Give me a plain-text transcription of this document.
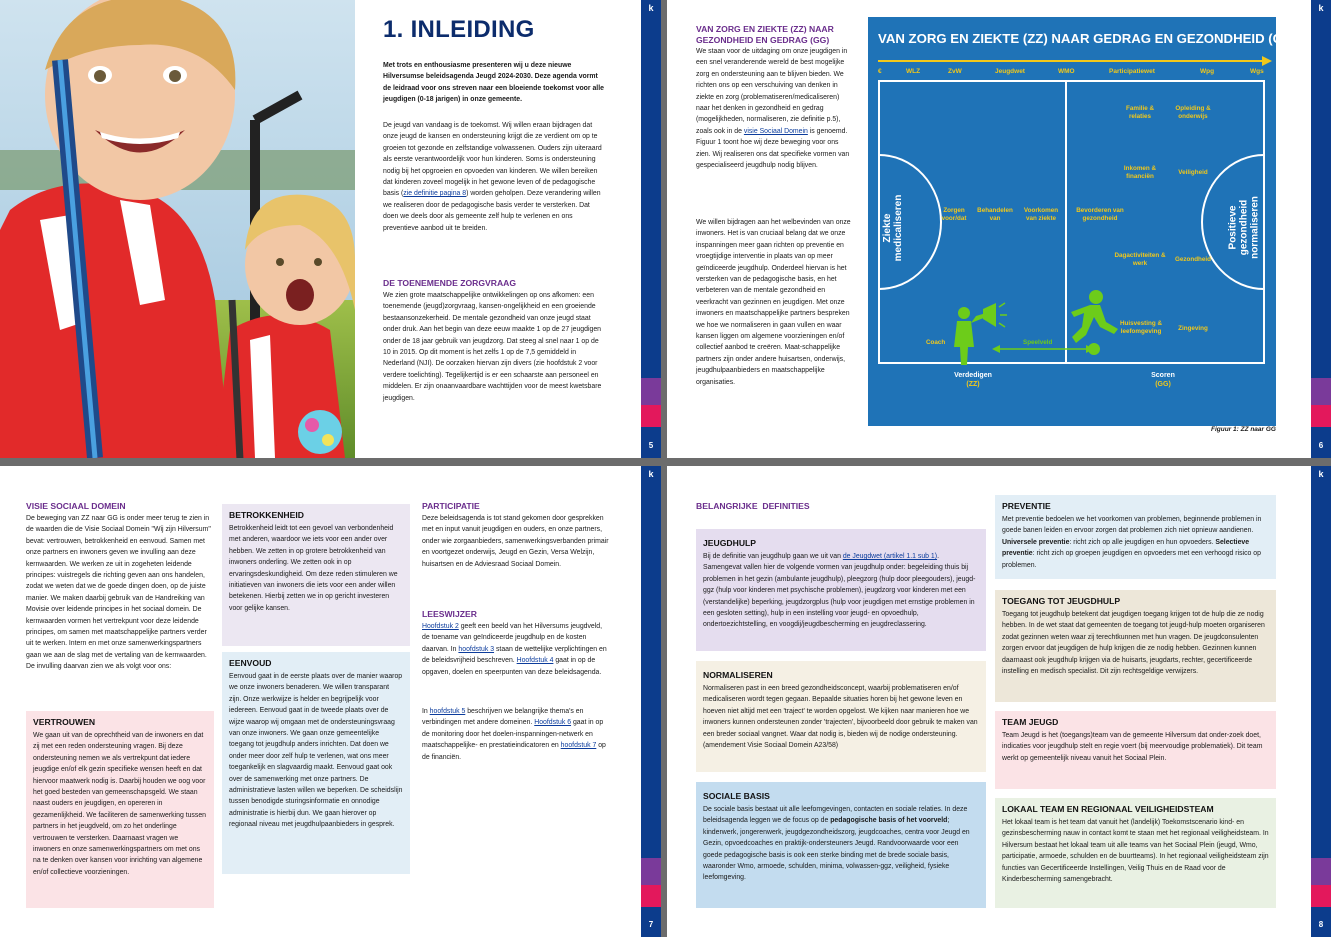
1. INLEIDING
Met trots en enthousiasme presenteren wij u deze nieuwe Hilversumse beleidsagenda Jeugd 2024-2030. Deze agenda vormt de leidraad voor ons streven naar een bloeiende toekomst voor alle jeugdigen (0-18 jarigen) in onze gemeente.
De jeugd van vandaag is de toekomst. Wij willen eraan bijdragen dat onze jeugd de kansen en ondersteuning krijgt die ze verdient om op te groeien tot gezonde en zelfstandige volwassenen. Ouders zijn uiteraard als eerste verantwoordelijk voor hun kinderen. Soms is ondersteuning nodig bij het opgroeien en opvoeden van kinderen. We willen bereiken dat kinderen zoveel mogelijk in het gewone leven of de pedagogische basis (zie definitie pagina 8) worden geholpen. Deze verandering willen we realiseren door de pedagogische basis verder te versterken. Dat doen we deels door als gemeente zelf hulp te verlenen en ons preventieve aanbod uit te breiden.
DE TOENEMENDE ZORGVRAAG
We zien grote maatschappelijke ontwikkelingen op ons afkomen: een toenemende (jeugd)zorgvraag, kansen-ongelijkheid en een groeiende bestaansonzekerheid. De mentale gezondheid van onze jeugd staat onder druk. Aan het begin van deze eeuw maakte 1 op de 27 jeugdigen onder de 18 jaar gebruik van jeugdzorg. Dat steeg al snel naar 1 op de 10 in 2015. Op dit moment is het zelfs 1 op de 7,5 gemiddeld in Nederland (NJI). De oorzaken hiervan zijn divers (zie hoofdstuk 2 voor verdere toelichting). Tegelijkertijd is er een schaarste aan personeel en middelen. Er zijn onaanvaardbare wachttijden voor de meest kwetsbare jeugdigen.
k
5
VAN ZORG EN ZIEKTE (ZZ) NAAR GEZONDHEID EN GEDRAG (GG)
We staan voor de uitdaging om onze jeugdigen in een snel veranderende wereld de best mogelijke zorg en ondersteuning aan te blijven bieden. We richten ons op een verschuiving van denken in ziekte en zorg (problematiseren/medicaliseren) naar het denken in gezondheid en gedrag (mogelijkheden, normaliseren, zie definitie p.5), zoals ook in de visie Sociaal Domein is genoemd. Figuur 1 toont hoe wij deze beweging voor ons zien. Wij realiseren ons dat specifieke vormen van gespecialiseerd jeugdhulp nodig blijven.
We willen bijdragen aan het welbevinden van onze inwoners. Het is van cruciaal belang dat we onze inspanningen meer gaan richten op preventie en vroegtijdige interventie in plaats van op meer geïndiceerde jeugdhulp. Onderdeel hiervan is het versterken van de pedagogische basis, en het verbeteren van de mentale gezondheid en veerkracht van gezinnen en jeugdigen. Met onze inwoners en maatschappelijke partners bespreken we hoe we normaliseren in gaan vullen en waar kansen liggen om algemene voorzieningen en/of collectief aanbod te creëren. Maat-schappelijke partners zijn onder andere huisartsen, onderwijs, jeugdhulpaanbieders en maatschappelijke organisaties.
VAN ZORG EN ZIEKTE (ZZ) NAAR GEDRAG EN GEZONDHEID (GG)
€	WLZ	ZvW	Jeugdwet	WMO	Participatiewet	Wpg	Wgs
Ziekte medicaliseren	Positieve gezondheid normaliseren
Zorgen voor/dat
Behandelen van
Voorkomen van ziekte
Bevorderen van gezondheid
Familie & relaties
Opleiding & onderwijs
Inkomen & financiën
Veiligheid
Dagactiviteiten & werk
Gezondheid
Huisvesting & leefomgeving	Zingeving
Coach	Speelveld
Verdedigen
(ZZ)
Scoren
(GG)
Figuur 1: ZZ naar GG
k
6
VISIE SOCIAAL DOMEIN
De beweging van ZZ naar GG is onder meer terug te zien in de waarden die de Visie Sociaal Domein "Wij zijn Hilversum" bevat: vertrouwen, betrokkenheid en eenvoud. Samen met onze partners en inwoners geven we invulling aan deze kernwaarden. We werken ze uit in zogeheten leidende principes: vuistregels die richting geven aan ons handelen, zodat we weten dat we de goede dingen doen, op de juiste manier. We maken daarbij gebruik van de Handreiking van Movisie over leidende principes in het sociaal domein. De kernwaarden vormen het vertrekpunt voor deze leidende principes, om samen met maatschappelijke partners verder uit te werken. Intern en met onze samenwerkingspartners gaan we aan de slag met de vertaling van de kernwaarden. De invulling daarvan zien we als volgt voor ons:
VERTROUWEN
We gaan uit van de oprechtheid van de inwoners en dat zij met een reden ondersteuning vragen. Bij deze ondersteuning nemen we als vertrekpunt dat iedere jeugdige en/of elk gezin specifieke wensen heeft en dat hiervoor maatwerk nodig is. Daarbij houden we oog voor het goed besteden van gemeenschapsgeld. We staan naast ouders en jeugdigen, en opereren in gezamenlijkheid. We faciliteren de samenwerking tussen partners in het jeugdveld, om zo het onderlinge vertrouwen te versterken. Daarnaast vragen we inwoners en onze samenwerkingspartners om met ons na te denken over kansen voor inrichting van algemene en/of collectieve voorzieningen.
BETROKKENHEID
Betrokkenheid leidt tot een gevoel van verbondenheid met anderen, waardoor we iets voor een ander over hebben. We zetten in op grotere betrokkenheid van inwoners onderling. We zetten ook in op ervaringsdeskundigheid. Om deze reden stimuleren we initiatieven van inwoners die iets voor een ander willen betekenen. Hierbij zetten we in op gericht investeren voor gelijke kansen.
EENVOUD
Eenvoud gaat in de eerste plaats over de manier waarop we onze inwoners benaderen. We willen transparant zijn. Onze werkwijze is helder en begrijpelijk voor iedereen. Eenvoud gaat in de tweede plaats over de wijze waarop wij omgaan met de ondersteuningsvraag van onze inwoners. We gaan onze gemeentelijke toegang tot jeugdhulp anders inrichten. Dat doen we onder meer door zelf hulp te verlenen, wat ons meer toegankelijk en slagvaardig maakt. Eenvoud gaat ook over de samenwerking met onze partners. De administratieve lasten willen we beperken. De scheidslijn tussen benodigde sturingsinformatie en onnodige administratie is hierbij dun. We gaan hierover op regionaal niveau met jeugdhulpaanbieders in gesprek.
PARTICIPATIE
Deze beleidsagenda is tot stand gekomen door gesprekken met en input vanuit jeugdigen en ouders, en onze partners, onder wie zorgaanbieders, samenwerkingsverbanden primair en voortgezet onderwijs, Jeugd en Gezin, Versa Welzijn, huisartsen en de Adviesraad Sociaal Domein.
LEESWIJZER
Hoofdstuk 2 geeft een beeld van het Hilversums jeugdveld, de toename van geïndiceerde jeugdhulp en de kosten daarvan. In hoofdstuk 3 staan de wettelijke verplichtingen en de beleidsvrijheid beschreven. Hoofdstuk 4 gaat in op de opgaven, doelen en speerpunten van deze beleidsagenda.
In hoofdstuk 5 beschrijven we belangrijke thema's en verbindingen met andere domeinen. Hoofdstuk 6 gaat in op de monitoring door het doelen-inspanningen-netwerk en maatschappelijke- en prestatieindicatoren en hoofdstuk 7 op de financiën.
k
7
BELANGRIJKE  DEFINITIES
JEUGDHULP
Bij de definitie van jeugdhulp gaan we uit van de Jeugdwet (artikel 1.1 sub 1). Samengevat vallen hier de volgende vormen van jeugdhulp onder: begeleiding thuis bij problemen in het gezin (ambulante jeugdhulp), pleegzorg (hulp door pleegouders), jeugd-ggz (hulp voor kinderen met psychische problemen), jeugdzorg voor kinderen met een (verstandelijke) beperking, jeugdzorgplus (hulp voor jeugdigen met ernstige problemen in een gesloten setting), hulp in een instelling voor jeugd- en opvoedhulp, ondertoezichtstelling, en voogdij/jeugdbescherming en jeugdreclassering.
NORMALISEREN
Normaliseren past in een breed gezondheidsconcept, waarbij problematiseren en/of medicaliseren wordt tegen gegaan. Bepaalde situaties horen bij het gewone leven en hoeven niet altijd met een 'traject' te worden opgelost. We kijken naar manieren hoe we inwoners kunnen ondersteunen zonder 'trajecten', bijvoorbeeld door gebruik te maken van een breder sociaal vangnet. Waar dat nodig is, bieden wij de nodige ondersteuning. (amendement Visie Sociaal Domein A23/58)
SOCIALE BASIS
De sociale basis bestaat uit alle leefomgevingen, contacten en sociale relaties. In deze beleidsagenda leggen we de focus op de pedagogische basis of het voorveld; kinderwerk, jongerenwerk, jeugdgezondheidszorg, jeugdcoaches, centra voor Jeugd en Gezin, opvoedcoaches en praktijk-ondersteuners Jeugd. Randvoorwaarde voor een goede pedagogische basis is ook een sterke binding met de brede sociale basis, waaronder Wmo, armoede, schulden, minima, volwassen-ggz, veiligheid, fysieke leefomgeving.
PREVENTIE
Met preventie bedoelen we het voorkomen van problemen, beginnende problemen in goede banen leiden en ervoor zorgen dat problemen zich niet opnieuw aandienen. Universele preventie: richt zich op alle jeugdigen en hun opvoeders. Selectieve preventie: richt zich op groepen jeugdigen en opvoeders met een verhoogd risico op problemen.
TOEGANG TOT JEUGDHULP
Toegang tot jeugdhulp betekent dat jeugdigen toegang krijgen tot de hulp die ze nodig hebben. In de wet staat dat gemeenten de toegang tot jeugd-hulp moeten organiseren zodat gezinnen weten waar zij terechtkunnen met hun vragen. De jeugdconsulenten zorgen ervoor dat jeugdigen de hulp krijgen die ze nodig hebben. Gezinnen kunnen daarnaast ook jeugdhulp krijgen via de huisarts, jeugdarts, rechter, gecertificeerde instelling en medisch specialist. Dit zijn rechtsgeldige verwijzers.
TEAM JEUGD
Team Jeugd is het (toegangs)team van de gemeente Hilversum dat onder-zoek doet, indicaties voor jeugdhulp stelt en regie voert (bij meervoudige problematiek). Dit team werkt op gemeentelijk niveau vanuit het Sociaal Plein.
LOKAAL TEAM EN REGIONAAL VEILIGHEIDSTEAM
Het lokaal team is het team dat vanuit het (landelijk) Toekomstscenario kind- en gezinsbescherming nauw in contact komt te staan met het regionaal veiligheidsteam. In Hilversum bestaat het lokaal team uit alle teams van het Sociaal Plein (jeugd, Wmo, participatie, armoede, schulden en de buurtteams). In het regionaal veiligheidsteam zijn functies van Gecertificeerde Instellingen, Veilig Thuis en de Raad voor de Kinderbescherming samengebracht.
k
8
